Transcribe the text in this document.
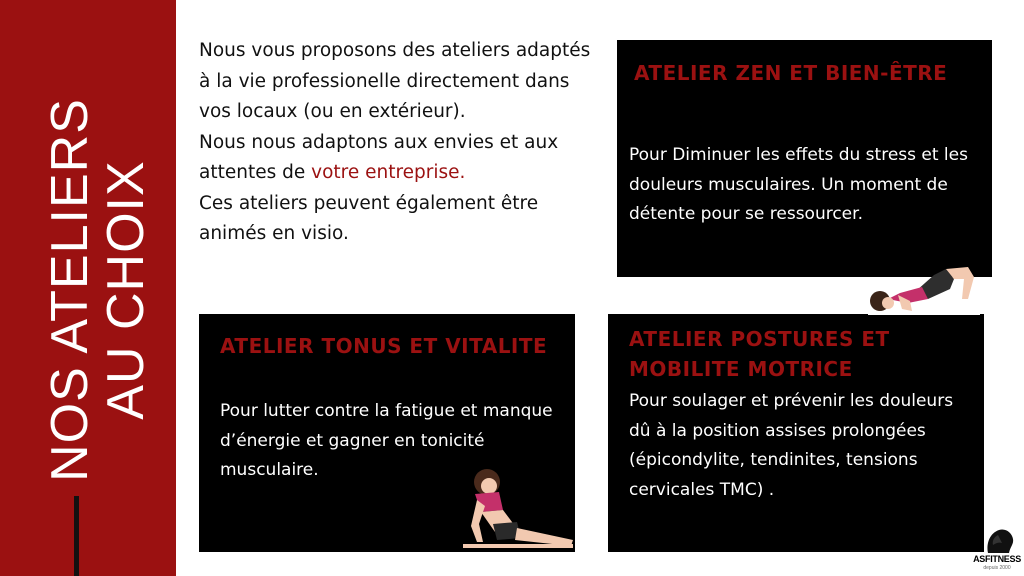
NOS ATELIERS
AU CHOIX
Nous vous proposons des ateliers adaptés à la vie professionelle directement dans vos locaux (ou en extérieur).
Nous nous adaptons aux envies et aux attentes de votre entreprise.
Ces ateliers peuvent également être animés en visio.
ATELIER ZEN ET BIEN-ÊTRE
Pour Diminuer les effets du stress et les douleurs musculaires. Un moment de détente pour se ressourcer.
ATELIER TONUS ET VITALITE
Pour lutter contre la fatigue et manque d’énergie et gagner en tonicité musculaire.
ATELIER POSTURES ET MOBILITE MOTRICE
Pour soulager et prévenir les douleurs dû à la position assises prolongées (épicondylite, tendinites, tensions cervicales TMC) .
ASFITNESS
depuis 2000
